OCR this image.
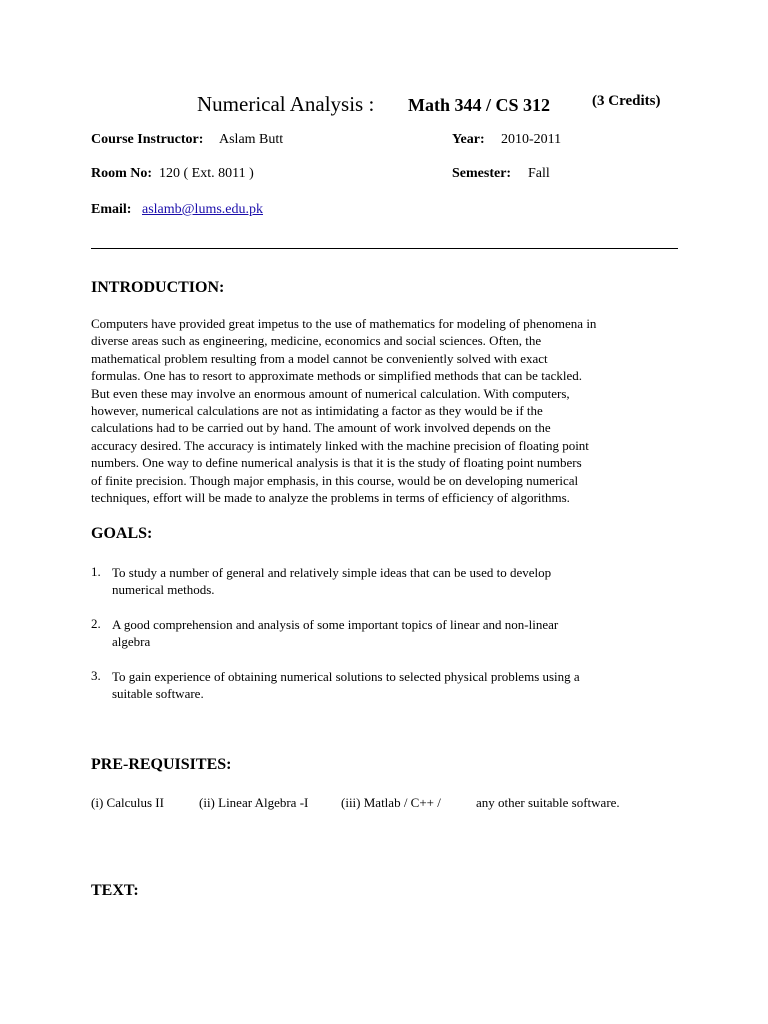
Numerical Analysis : Math 344 / CS 312	(3 Credits)
Course Instructor: Aslam Butt	Year: 2010-2011
Room No: 120 ( Ext. 8011 )	Semester: Fall
Email: aslamb@lums.edu.pk
INTRODUCTION:
Computers have provided great impetus to the use of mathematics for modeling of phenomena in
diverse areas such as engineering, medicine, economics and social sciences. Often, the
mathematical problem resulting from a model cannot be conveniently solved with exact
formulas. One has to resort to approximate methods or simplified methods that can be tackled.
But even these may involve an enormous amount of numerical calculation. With computers,
however, numerical calculations are not as intimidating a factor as they would be if the
calculations had to be carried out by hand. The amount of work involved depends on the
accuracy desired. The accuracy is intimately linked with the machine precision of floating point
numbers. One way to define numerical analysis is that it is the study of floating point numbers
of finite precision. Though major emphasis, in this course, would be on developing numerical
techniques, effort will be made to analyze the problems in terms of efficiency of algorithms.
GOALS:
1. To study a number of general and relatively simple ideas that can be used to develop
numerical methods.
2. A good comprehension and analysis of some important topics of linear and non-linear
algebra
3. To gain experience of obtaining numerical solutions to selected physical problems using a
suitable software.
PRE-REQUISITES:
(i) Calculus II	(ii) Linear Algebra -I	(iii) Matlab / C++ /	any other suitable software.
TEXT:
